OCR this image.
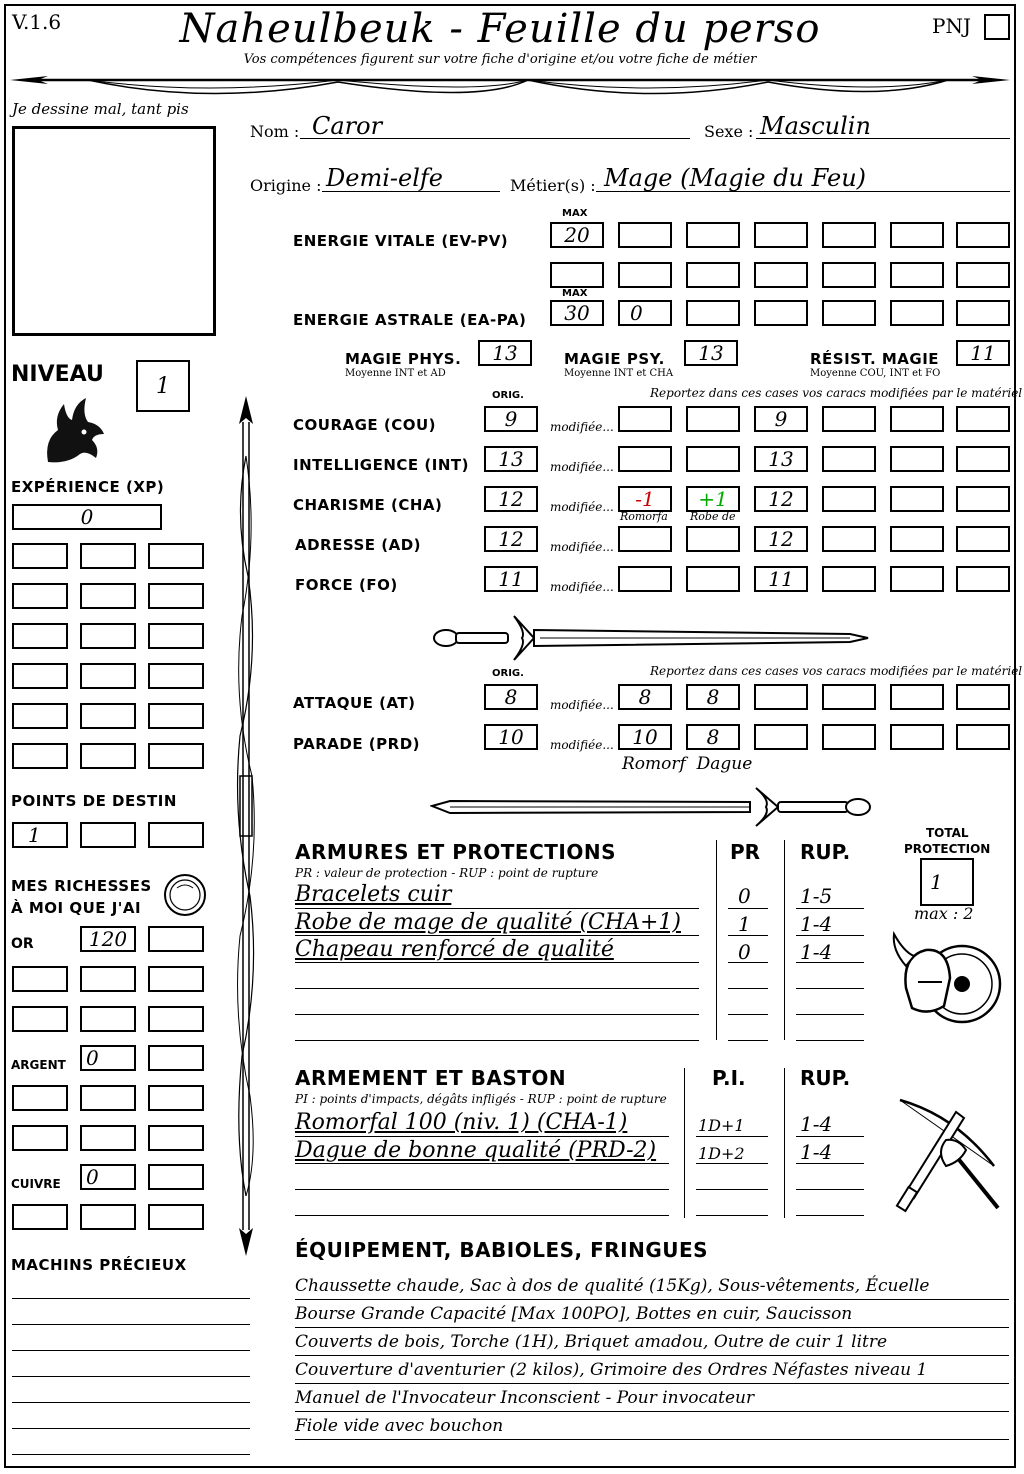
V.1.6	Naheulbeuk - Feuille du perso
Vos compétences figurent sur votre fiche d'origine et/ou votre fiche de métier
PNJ
Je dessine mal, tant pis
Nom : Caror	Sexe : Masculin
Origine : Demi-elfe	Métier(s) : Mage (Magie du Feu)
MAX
ENERGIE VITALE (EV-PV)	20
MAX
ENERGIE ASTRALE (EA-PA)	30	0
MAGIE PHYS.
Moyenne INT et AD
13	MAGIE PSY.
Moyenne INT et CHA
13	RÉSIST. MAGIE
Moyenne COU, INT et FO
11
NIVEAU	1
EXPÉRIENCE (XP)
0
POINTS DE DESTIN
1
MES RICHESSES
À MOI QUE J'AI
OR	120
ARGENT 0
CUIVRE 0
MACHINS PRÉCIEUX
ORIG.	Reportez dans ces cases vos caracs modifiées par le matériel
COURAGE (COU)	9	modifiée...	9
INTELLIGENCE (INT)	13	modifiée...	13
CHARISME (CHA)	12	modifiée...	-1	+1	12
Romorfa Robe de
ADRESSE (AD)	12	modifiée...	12
FORCE (FO)	11	modifiée...	11
ORIG.	Reportez dans ces cases vos caracs modifiées par le matériel
ATTAQUE (AT)	8	modifiée...	8	8
PARADE (PRD)	10	modifiée... 10	8
Romorf  Dague
ARMURES ET PROTECTIONS
PR : valeur de protection - RUP : point de rupture
PR RUP.
Bracelets cuir	0 1-5
Robe de mage de qualité (CHA+1)	1 1-4
Chapeau renforcé de qualité	0 1-4
TOTAL
PROTECTION
1
max : 2
ARMEMENT ET BASTON
PI : points d'impacts, dégâts infligés - RUP : point de rupture
P.I.	RUP.
Romorfal 100 (niv. 1) (CHA-1)	1D+1	1-4
Dague de bonne qualité (PRD-2)	1D+2	1-4
ÉQUIPEMENT, BABIOLES, FRINGUES
Chaussette chaude, Sac à dos de qualité (15Kg), Sous-vêtements, Écuelle
Bourse Grande Capacité [Max 100PO], Bottes en cuir, Saucisson
Couverts de bois, Torche (1H), Briquet amadou, Outre de cuir 1 litre
Couverture d'aventurier (2 kilos), Grimoire des Ordres Néfastes niveau 1
Manuel de l'Invocateur Inconscient - Pour invocateur
Fiole vide avec bouchon
